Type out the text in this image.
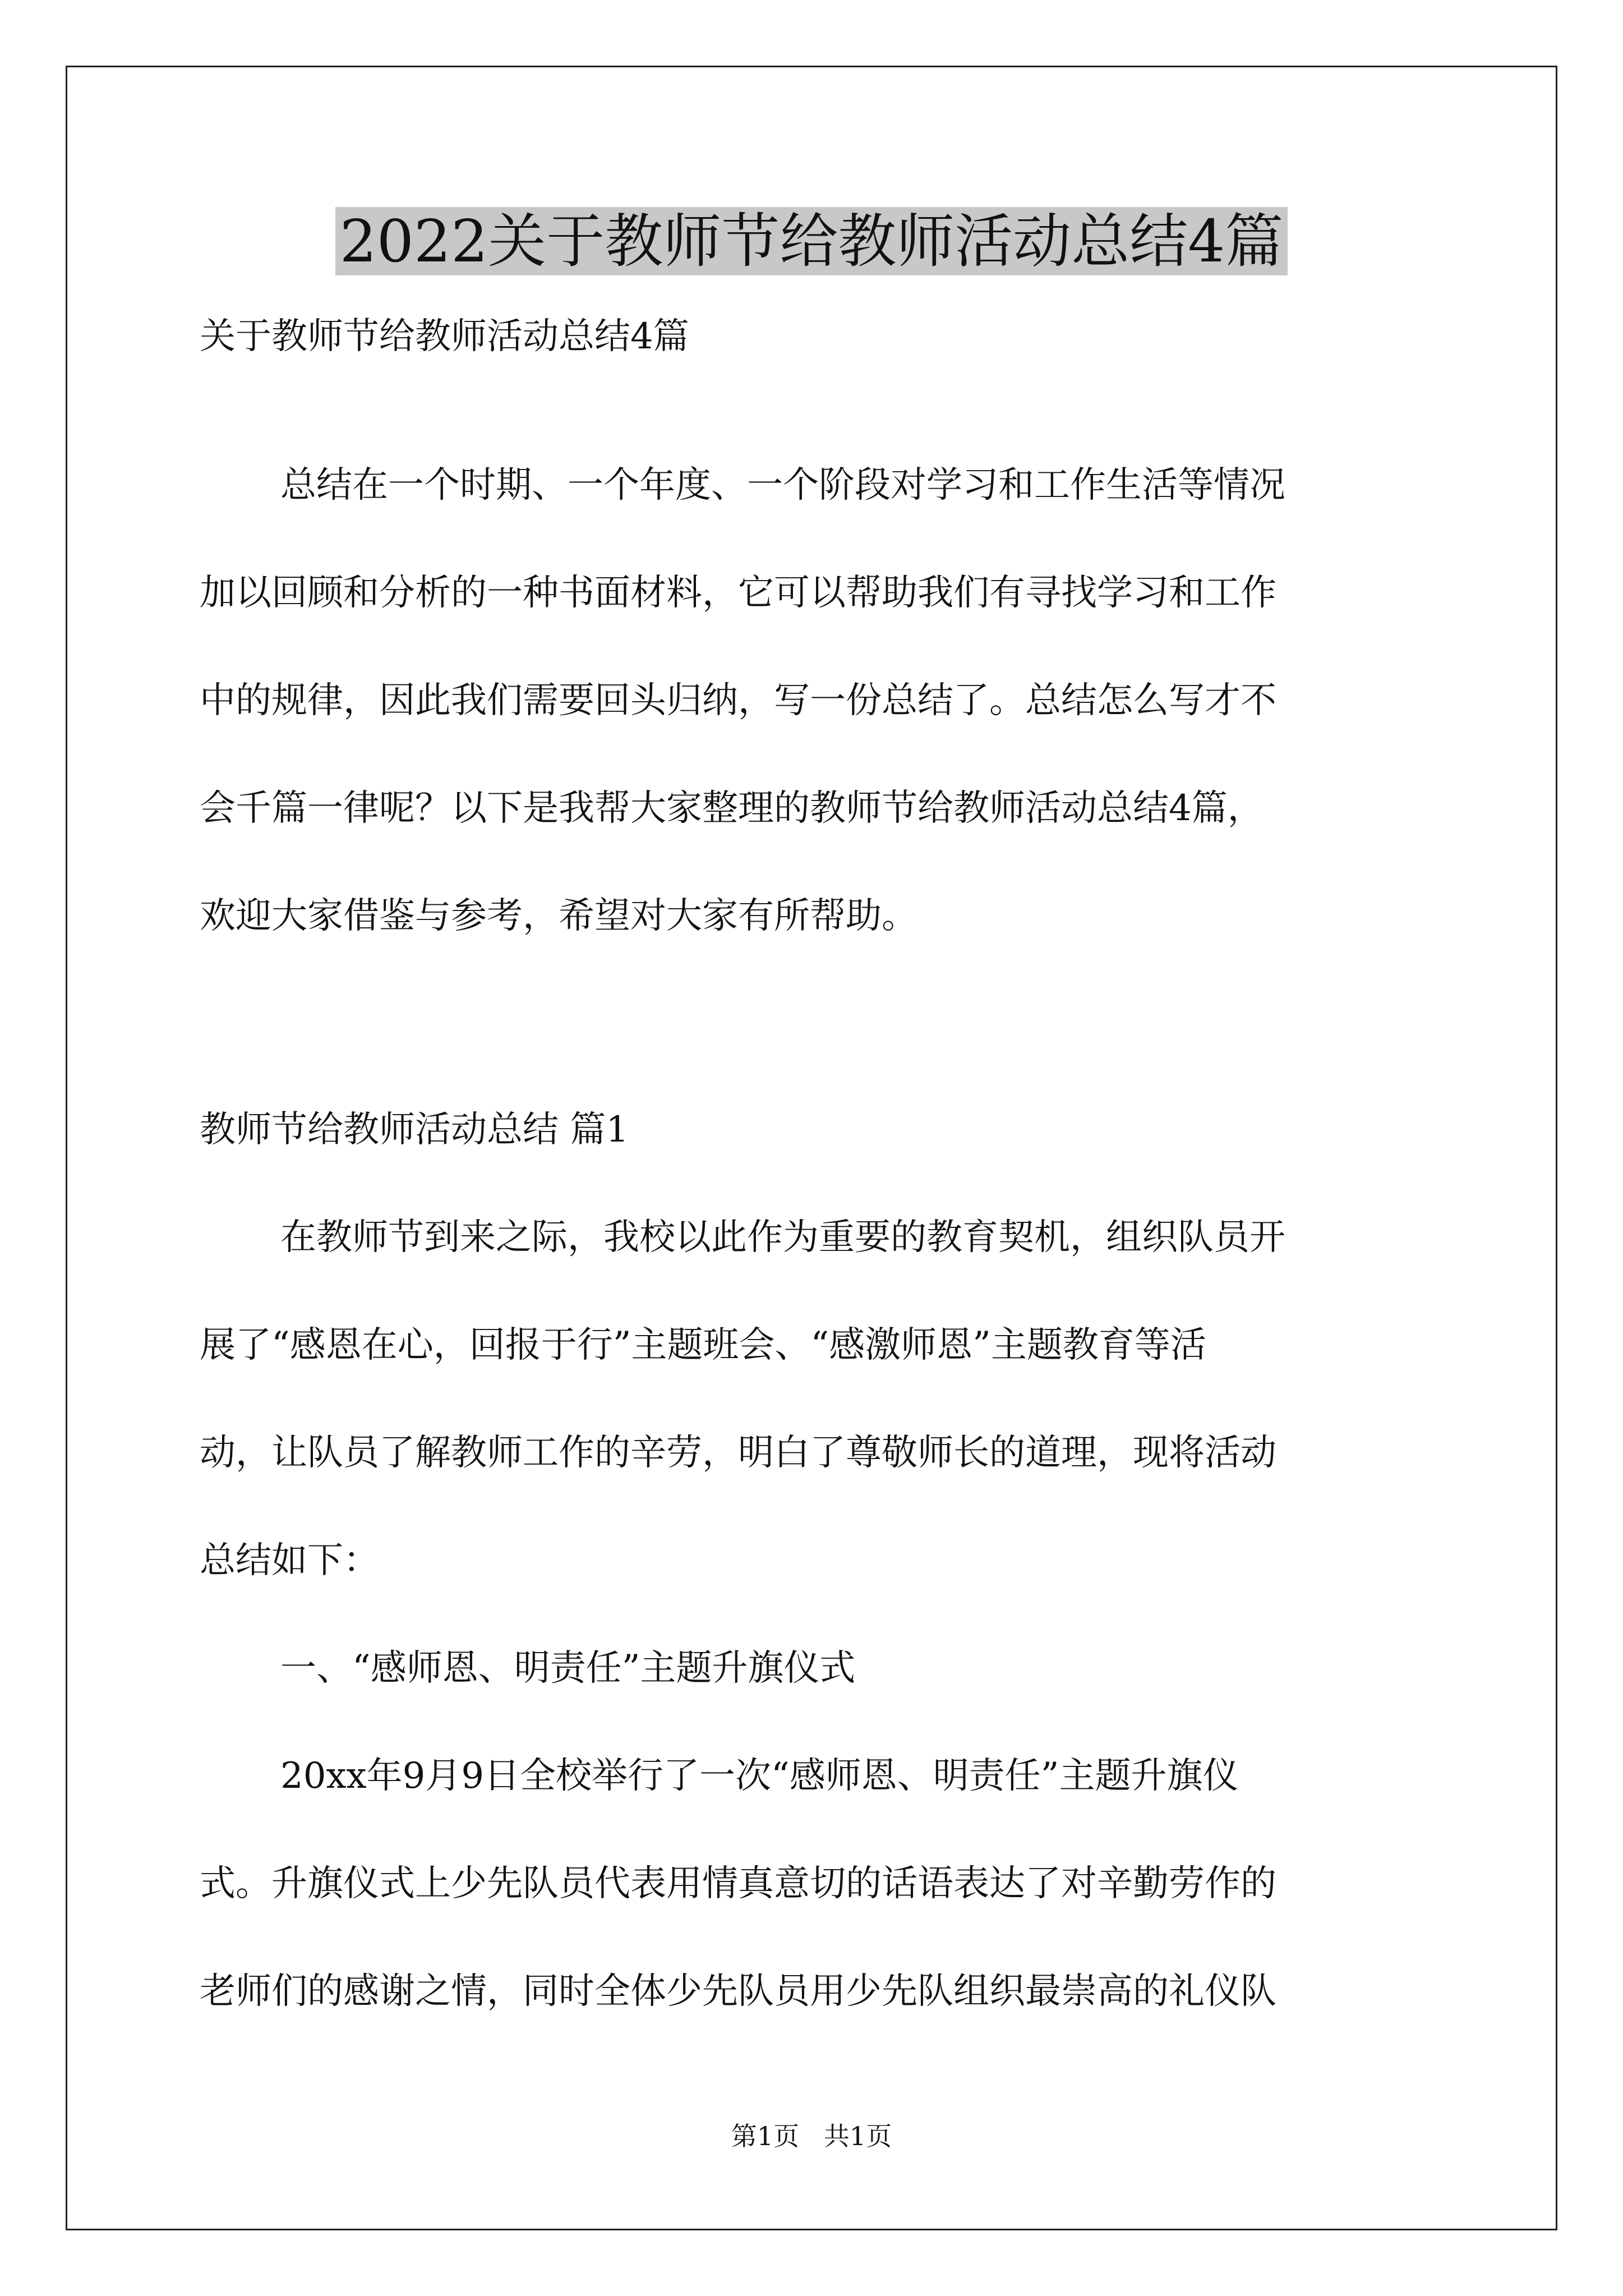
2022关于教师节给教师活动总结4篇
关于教师节给教师活动总结4篇
总结在一个时期、一个年度、一个阶段对学习和工作生活等情况
加以回顾和分析的一种书面材料，它可以帮助我们有寻找学习和工作
中的规律，因此我们需要回头归纳，写一份总结了。总结怎么写才不
会千篇一律呢？以下是我帮大家整理的教师节给教师活动总结4篇，
欢迎大家借鉴与参考，希望对大家有所帮助。
教师节给教师活动总结 篇1
在教师节到来之际，我校以此作为重要的教育契机，组织队员开
展了“感恩在心，回报于行”主题班会、“感激师恩”主题教育等活
动，让队员了解教师工作的辛劳，明白了尊敬师长的道理，现将活动
总结如下：
一、“感师恩、明责任”主题升旗仪式
20xx年9月9日全校举行了一次“感师恩、明责任”主题升旗仪
式。升旗仪式上少先队员代表用情真意切的话语表达了对辛勤劳作的
老师们的感谢之情，同时全体少先队员用少先队组织最崇高的礼仪队
第1页   共1页
